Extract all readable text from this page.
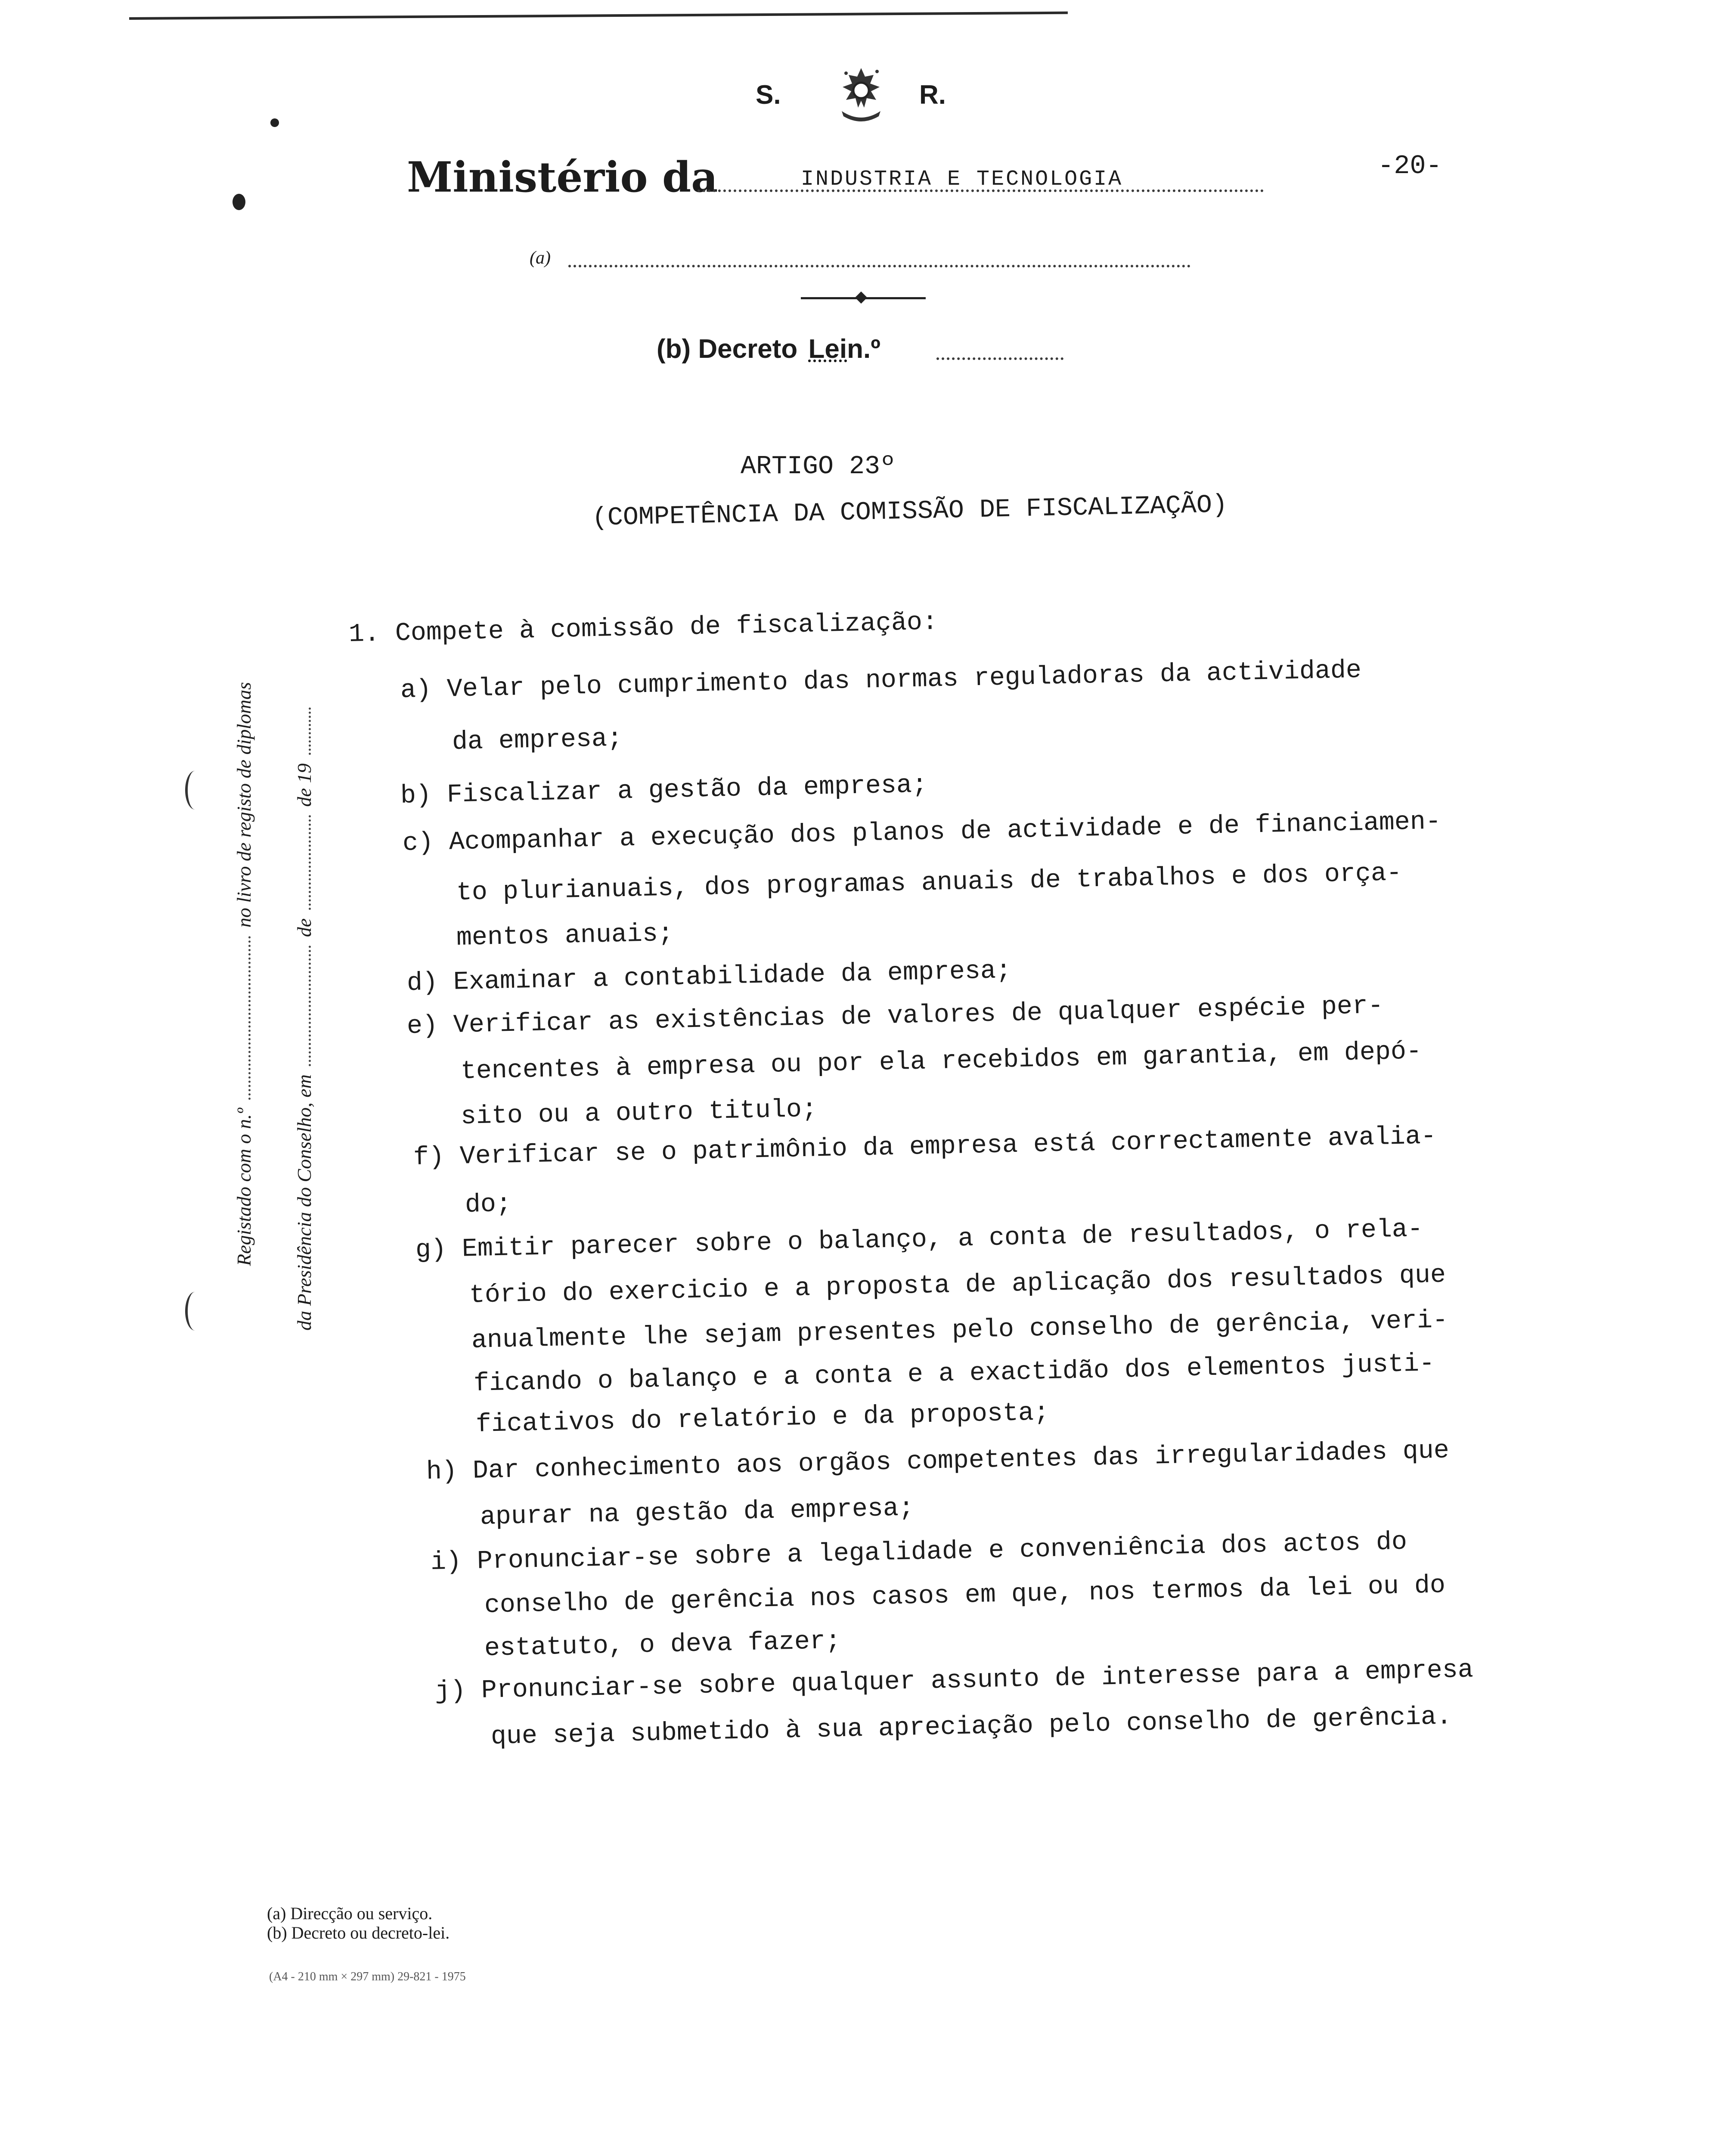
S.	R.
Ministério da	INDUSTRIA E TECNOLOGIA	-20-
(a)
(b) Decreto Lein.º
ARTIGO 23º
(COMPETÊNCIA DA COMISSÃO DE FISCALIZAÇÃO)
1. Compete à comissão de fiscalização:
a) Velar pelo cumprimento das normas reguladoras da actividade
da empresa;
b) Fiscalizar a gestão da empresa;
c) Acompanhar a execução dos planos de actividade e de financiamen-
to plurianuais, dos programas anuais de trabalhos e dos orça-
mentos anuais;
d) Examinar a contabilidade da empresa;
e) Verificar as existências de valores de qualquer espécie per-
tencentes à empresa ou por ela recebidos em garantia, em depó-
sito ou a outro titulo;
f) Verificar se o patrimônio da empresa está correctamente avalia-
do;
g) Emitir parecer sobre o balanço, a conta de resultados, o rela-
tório do exercicio e a proposta de aplicação dos resultados que
anualmente lhe sejam presentes pelo conselho de gerência, veri-
ficando o balanço e a conta e a exactidão dos elementos justi-
ficativos do relatório e da proposta;
h) Dar conhecimento aos orgãos competentes das irregularidades que
apurar na gestão da empresa;
i) Pronunciar-se sobre a legalidade e conveniência dos actos do
conselho de gerência nos casos em que, nos termos da lei ou do
estatuto, o deva fazer;
j) Pronunciar-se sobre qualquer assunto de interesse para a empresa
que seja submetido à sua apreciação pelo conselho de gerência.
Registado com o n.º  no livro de registo de diplomas
da Presidência do Conselho, em  de  de 19
(a) Direcção ou serviço.
(b) Decreto ou decreto-lei.
(A4 - 210 mm × 297 mm) 29-821 - 1975
